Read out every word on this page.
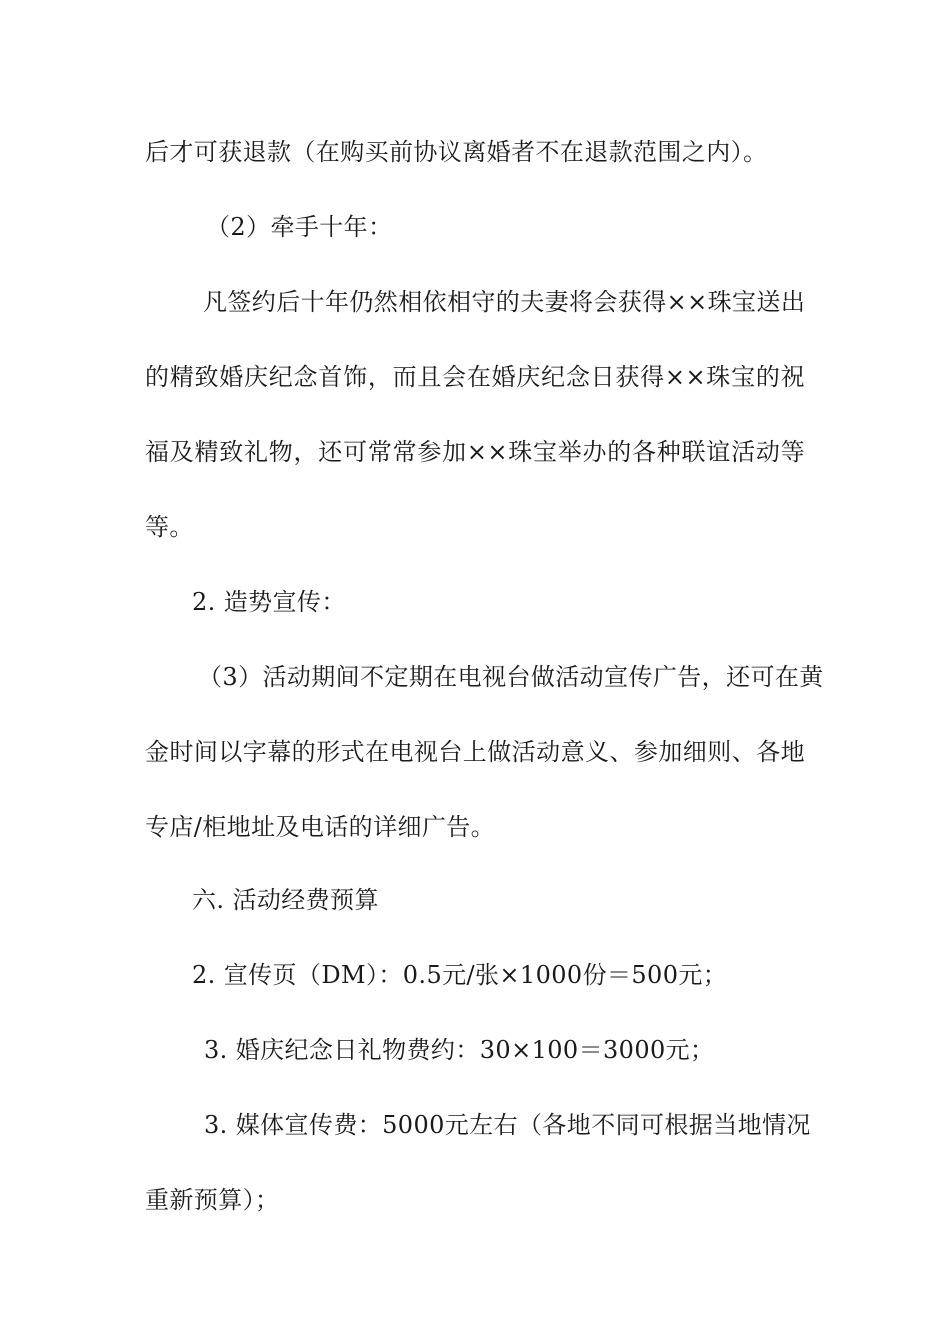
后才可获退款（在购买前协议离婚者不在退款范围之内）。
（2）牵手十年：
凡签约后十年仍然相依相守的夫妻将会获得××珠宝送出
的精致婚庆纪念首饰，而且会在婚庆纪念日获得××珠宝的祝
福及精致礼物，还可常常参加××珠宝举办的各种联谊活动等
等。
2. 造势宣传：
（3）活动期间不定期在电视台做活动宣传广告，还可在黄
金时间以字幕的形式在电视台上做活动意义、参加细则、各地
专店/柜地址及电话的详细广告。
六. 活动经费预算
2. 宣传页（DM）：0.5元/张×1000份＝500元；
3. 婚庆纪念日礼物费约：30×100＝3000元；
3. 媒体宣传费：5000元左右（各地不同可根据当地情况
重新预算）；
